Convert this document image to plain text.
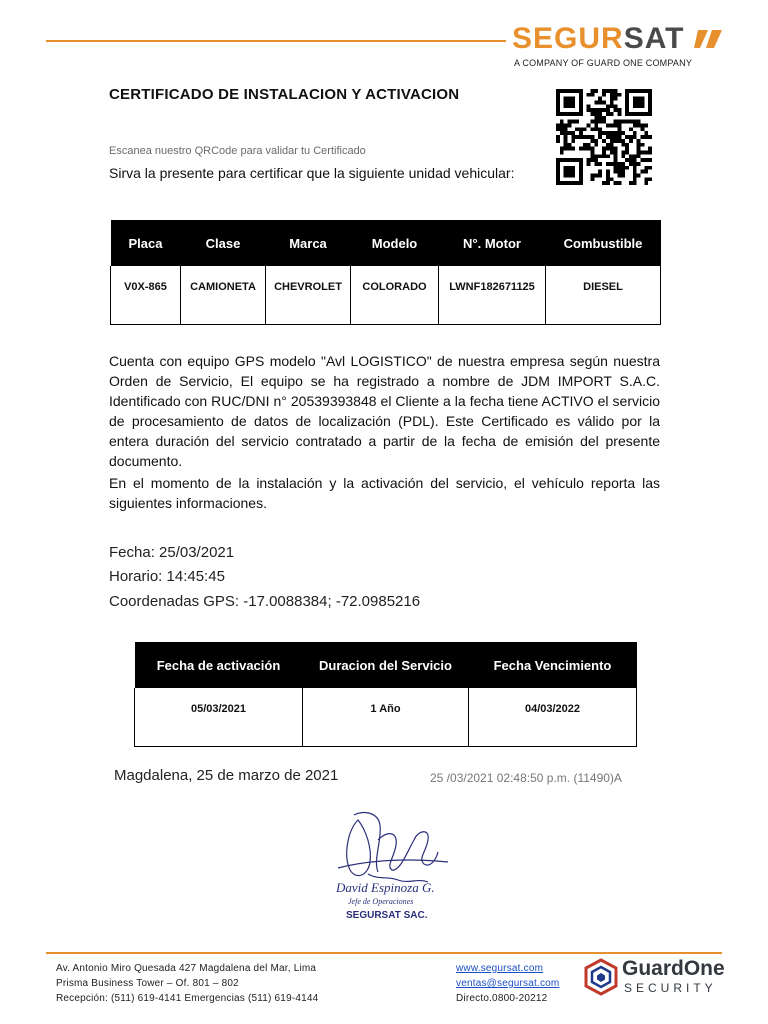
SEGURSAT
A COMPANY OF GUARD ONE COMPANY
CERTIFICADO DE INSTALACION Y ACTIVACION
Escanea nuestro QRCode para validar tu Certificado
Sirva la presente para certificar que la siguiente unidad vehicular:
Placa	Clase	Marca	Modelo	N°. Motor	Combustible
V0X-865	CAMIONETA	CHEVROLET	COLORADO	LWNF182671125	DIESEL
Cuenta con equipo GPS modelo "Avl LOGISTICO" de nuestra empresa según nuestra Orden de Servicio, El equipo se ha registrado a nombre de JDM IMPORT S.A.C. Identificado con RUC/DNI n° 20539393848 el Cliente a la fecha tiene ACTIVO el servicio de procesamiento de datos de localización (PDL). Este Certificado es válido por la entera duración del servicio contratado a partir de la fecha de emisión del presente documento.
En el momento de la instalación y la activación del servicio, el vehículo reporta las siguientes informaciones.
Fecha: 25/03/2021
Horario: 14:45:45
Coordenadas GPS: -17.0088384; -72.0985216
Fecha de activación	Duracion del Servicio	Fecha Vencimiento
05/03/2021	1 Año	04/03/2022
Magdalena, 25 de marzo de 2021	25 /03/2021 02:48:50 p.m. (11490)A
David Espinoza G.
Jefe de Operaciones
SEGURSAT SAC.
Av. Antonio Miro Quesada 427 Magdalena del Mar, Lima
Prisma Business Tower – Of. 801 – 802
Recepción: (511) 619-4141 Emergencias (511) 619-4144
www.segursat.com
ventas@segursat.com
Directo.0800-20212
GuardOne
SECURITY
